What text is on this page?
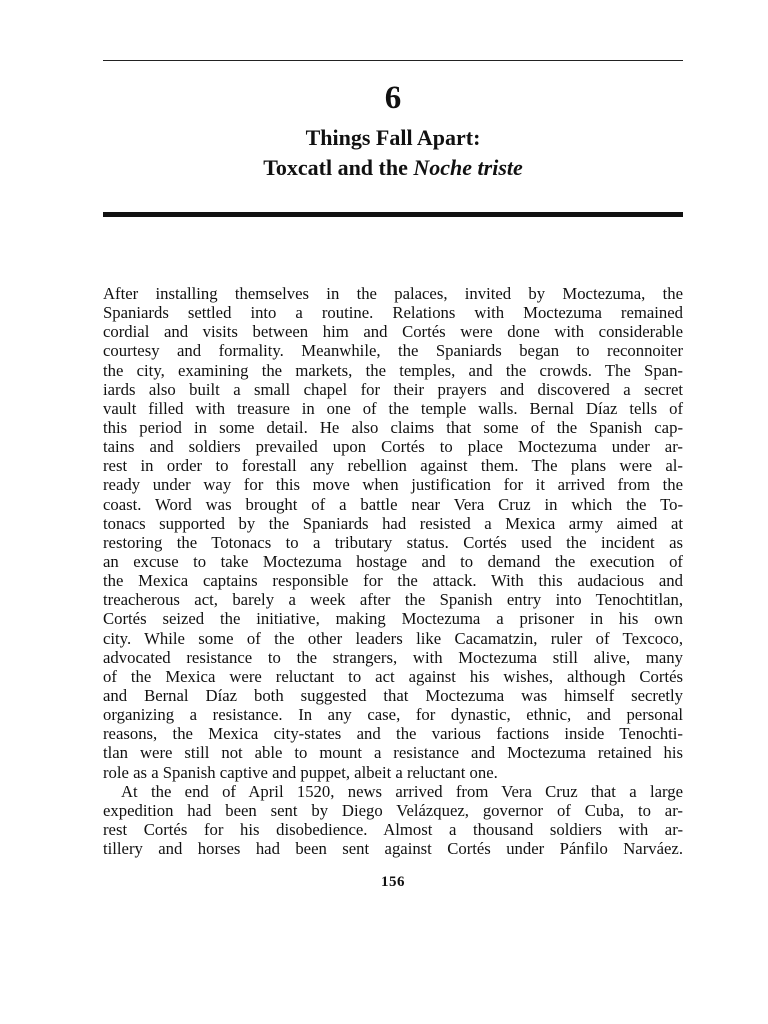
6
Things Fall Apart:
Toxcatl and the Noche triste
After installing themselves in the palaces, invited by Moctezuma, the
Spaniards settled into a routine. Relations with Moctezuma remained
cordial and visits between him and Cortés were done with considerable
courtesy and formality. Meanwhile, the Spaniards began to reconnoiter
the city, examining the markets, the temples, and the crowds. The Span-
iards also built a small chapel for their prayers and discovered a secret
vault filled with treasure in one of the temple walls. Bernal Díaz tells of
this period in some detail. He also claims that some of the Spanish cap-
tains and soldiers prevailed upon Cortés to place Moctezuma under ar-
rest in order to forestall any rebellion against them. The plans were al-
ready under way for this move when justification for it arrived from the
coast. Word was brought of a battle near Vera Cruz in which the To-
tonacs supported by the Spaniards had resisted a Mexica army aimed at
restoring the Totonacs to a tributary status. Cortés used the incident as
an excuse to take Moctezuma hostage and to demand the execution of
the Mexica captains responsible for the attack. With this audacious and
treacherous act, barely a week after the Spanish entry into Tenochtitlan,
Cortés seized the initiative, making Moctezuma a prisoner in his own
city. While some of the other leaders like Cacamatzin, ruler of Texcoco,
advocated resistance to the strangers, with Moctezuma still alive, many
of the Mexica were reluctant to act against his wishes, although Cortés
and Bernal Díaz both suggested that Moctezuma was himself secretly
organizing a resistance. In any case, for dynastic, ethnic, and personal
reasons, the Mexica city-states and the various factions inside Tenochti-
tlan were still not able to mount a resistance and Moctezuma retained his
role as a Spanish captive and puppet, albeit a reluctant one.
At the end of April 1520, news arrived from Vera Cruz that a large
expedition had been sent by Diego Velázquez, governor of Cuba, to ar-
rest Cortés for his disobedience. Almost a thousand soldiers with ar-
tillery and horses had been sent against Cortés under Pánfilo Narváez.
156
